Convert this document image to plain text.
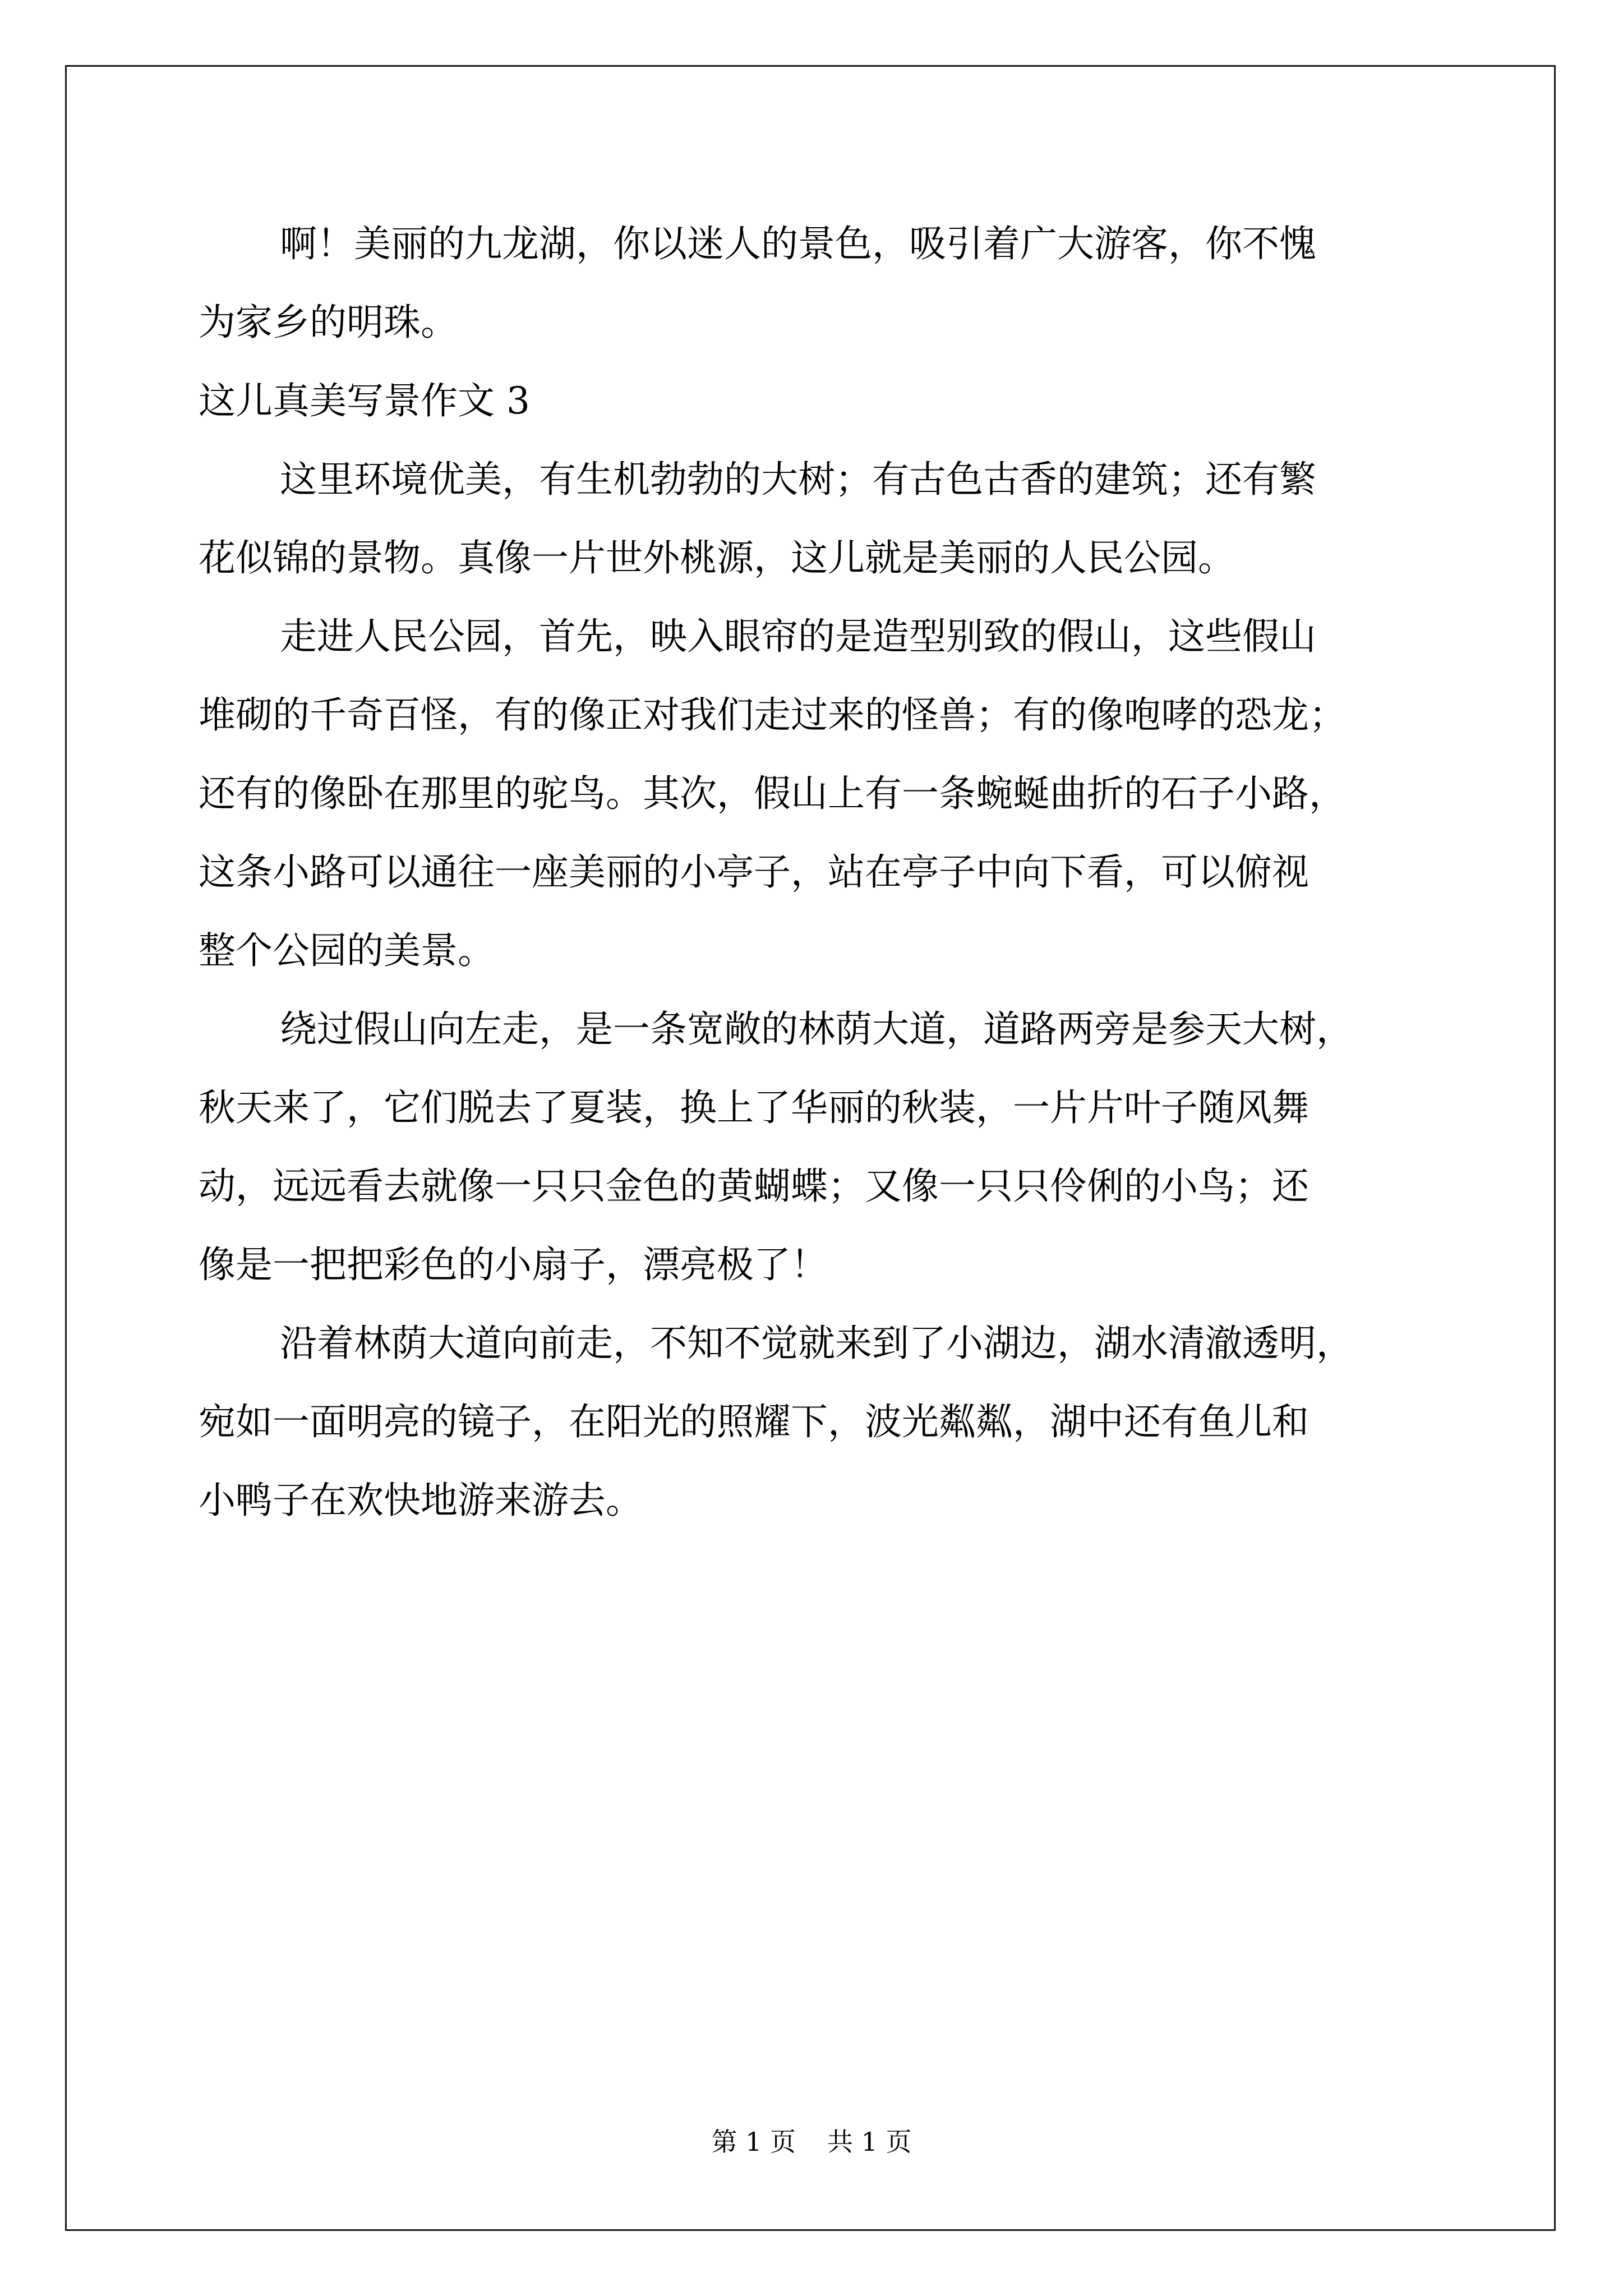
啊！美丽的九龙湖，你以迷人的景色，吸引着广大游客，你不愧

为家乡的明珠。

这儿真美写景作文 3

这里环境优美，有生机勃勃的大树；有古色古香的建筑；还有繁

花似锦的景物。真像一片世外桃源，这儿就是美丽的人民公园。

走进人民公园，首先，映入眼帘的是造型别致的假山，这些假山

堆砌的千奇百怪，有的像正对我们走过来的怪兽；有的像咆哮的恐龙；

还有的像卧在那里的驼鸟。其次，假山上有一条蜿蜒曲折的石子小路，

这条小路可以通往一座美丽的小亭子，站在亭子中向下看，可以俯视

整个公园的美景。

绕过假山向左走，是一条宽敞的林荫大道，道路两旁是参天大树，

秋天来了，它们脱去了夏装，换上了华丽的秋装，一片片叶子随风舞

动，远远看去就像一只只金色的黄蝴蝶；又像一只只伶俐的小鸟；还

像是一把把彩色的小扇子，漂亮极了！

沿着林荫大道向前走，不知不觉就来到了小湖边，湖水清澈透明，

宛如一面明亮的镜子，在阳光的照耀下，波光粼粼，湖中还有鱼儿和

小鸭子在欢快地游来游去。

第 1 页 共 1 页
